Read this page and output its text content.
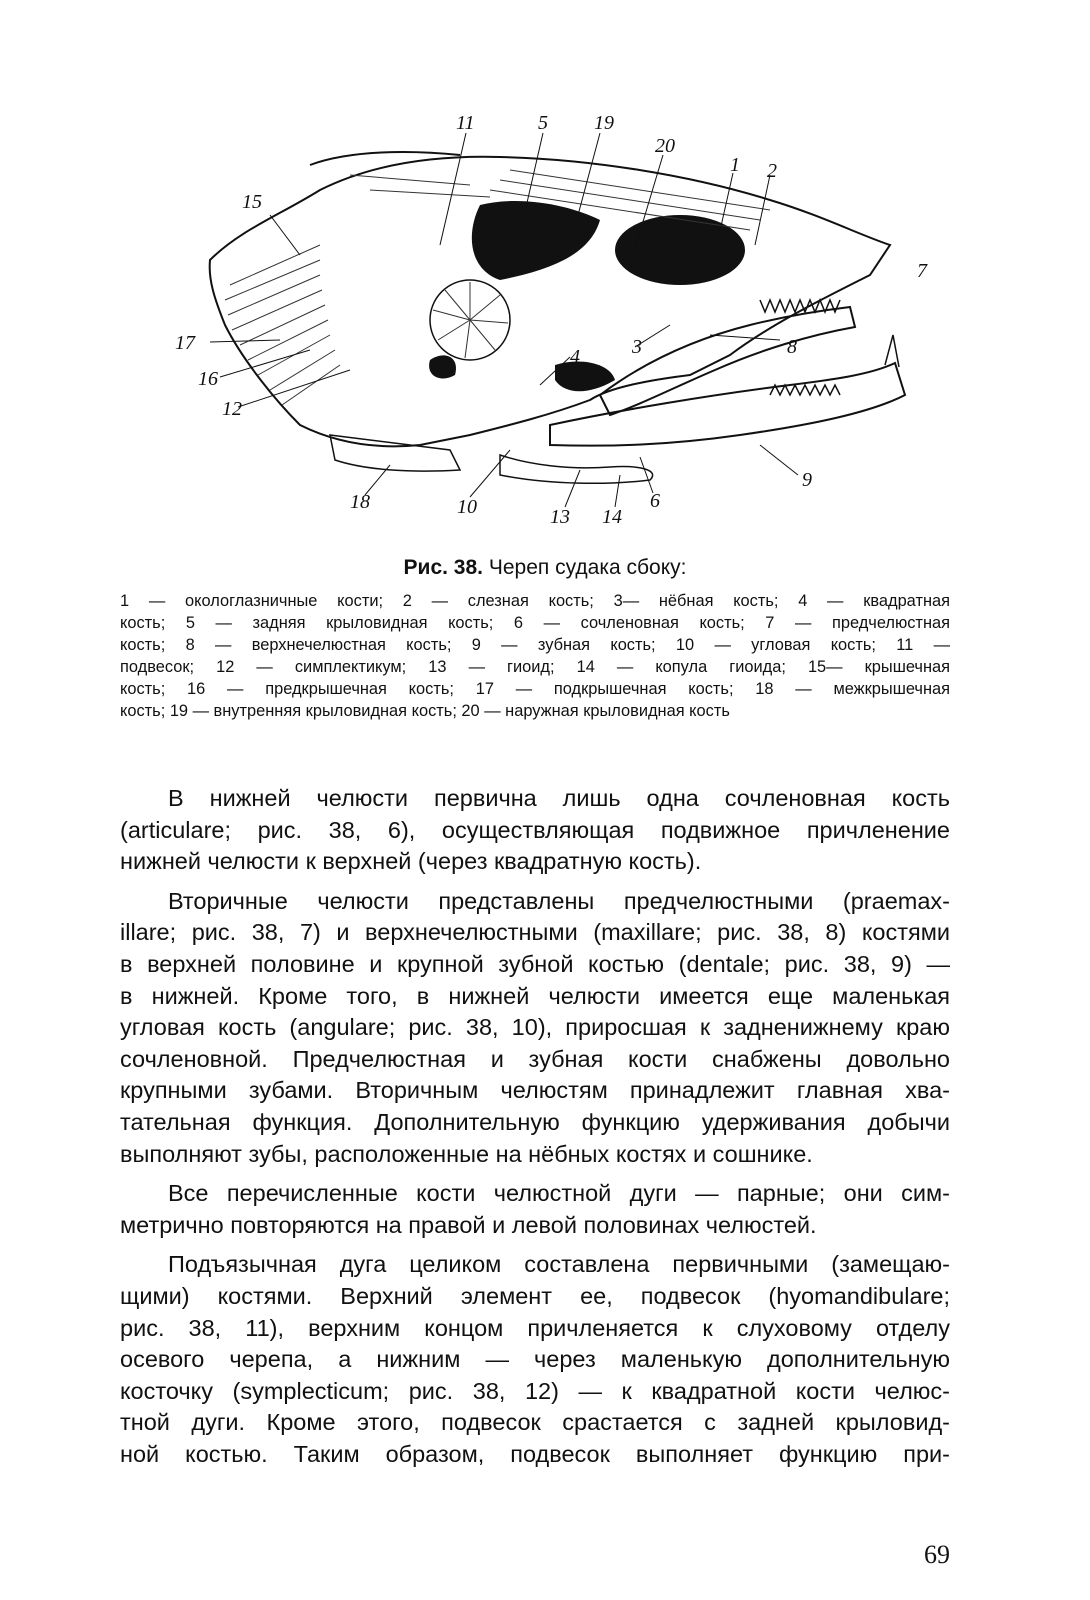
11	5 19
20
1 2
15
7
17	3
4	8
16
12
9
18	10	13 14
6
Рис. 38. Череп судака сбоку:
1 — окологлазничные кости; 2 — слезная кость; 3— нёбная кость; 4 — квадратная
кость; 5 — задняя крыловидная кость; 6 — сочленовная кость; 7 — предчелюстная
кость; 8 — верхнечелюстная кость; 9 — зубная кость; 10 — угловая кость; 11 —
подвесок; 12 — симплектикум; 13 — гиоид; 14 — копула гиоида; 15— крышечная
кость; 16 — предкрышечная кость; 17 — подкрышечная кость; 18 — межкрышечная
кость; 19 — внутренняя крыловидная кость; 20 — наружная крыловидная кость
В нижней челюсти первична лишь одна сочленовная кость
(articulare; рис. 38, 6), осуществляющая подвижное причленение
нижней челюсти к верхней (через квадратную кость).
Вторичные челюсти представлены предчелюстными (praemax-
illare; рис. 38, 7) и верхнечелюстными (maxillare; рис. 38, 8) костями
в верхней половине и крупной зубной костью (dentale; рис. 38, 9) —
в нижней. Кроме того, в нижней челюсти имеется еще маленькая
угловая кость (angulare; рис. 38, 10), приросшая к задненижнему краю
сочленовной. Предчелюстная и зубная кости снабжены довольно
крупными зубами. Вторичным челюстям принадлежит главная хва-
тательная функция. Дополнительную функцию удерживания добычи
выполняют зубы, расположенные на нёбных костях и сошнике.
Все перечисленные кости челюстной дуги — парные; они сим-
метрично повторяются на правой и левой половинах челюстей.
Подъязычная дуга целиком составлена первичными (замещаю-
щими) костями. Верхний элемент ее, подвесок (hyomandibulare;
рис. 38, 11), верхним концом причленяется к слуховому отделу
осевого черепа, а нижним — через маленькую дополнительную
косточку (symplecticum; рис. 38, 12) — к квадратной кости челюс-
тной дуги. Кроме этого, подвесок срастается с задней крыловид-
ной костью. Таким образом, подвесок выполняет функцию при-
69
